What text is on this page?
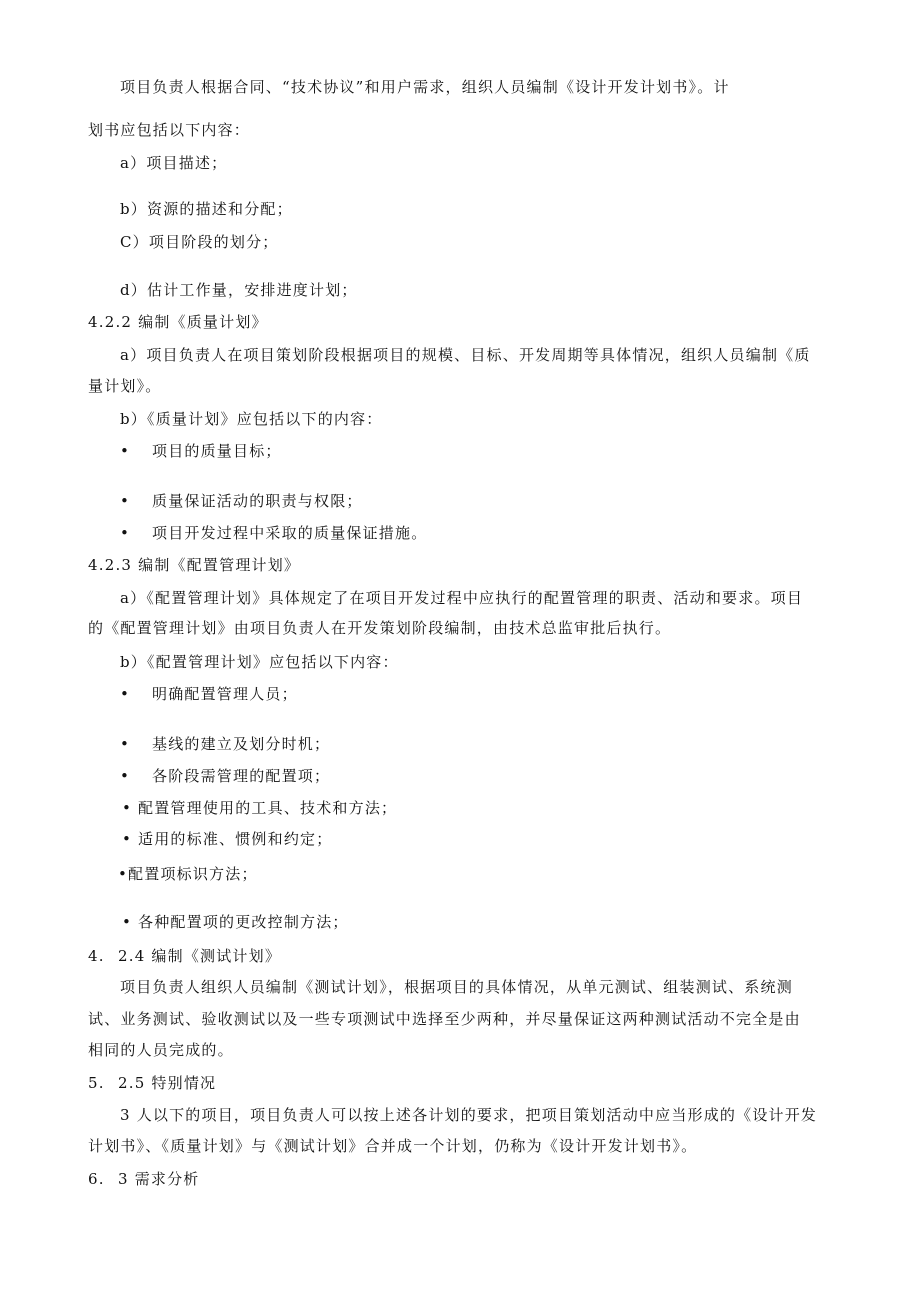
项目负责人根据合同、“技术协议”和用户需求，组织人员编制《设计开发计划书》。计
划书应包括以下内容：
a）项目描述；
b）资源的描述和分配；
C）项目阶段的划分；
d）估计工作量，安排进度计划；
4.2.2 编制《质量计划》
a）项目负责人在项目策划阶段根据项目的规模、目标、开发周期等具体情况，组织人员编制《质
量计划》。
b）《质量计划》应包括以下的内容：
• 项目的质量目标；
• 质量保证活动的职责与权限；
• 项目开发过程中采取的质量保证措施。
4.2.3 编制《配置管理计划》
a）《配置管理计划》具体规定了在项目开发过程中应执行的配置管理的职责、活动和要求。项目
的《配置管理计划》由项目负责人在开发策划阶段编制，由技术总监审批后执行。
b）《配置管理计划》应包括以下内容：
• 明确配置管理人员；
• 基线的建立及划分时机；
• 各阶段需管理的配置项；
• 配置管理使用的工具、技术和方法；
• 适用的标准、惯例和约定；
•配置项标识方法；
• 各种配置项的更改控制方法；
4. 2.4 编制《测试计划》
项目负责人组织人员编制《测试计划》，根据项目的具体情况，从单元测试、组装测试、系统测
试、业务测试、验收测试以及一些专项测试中选择至少两种，并尽量保证这两种测试活动不完全是由
相同的人员完成的。
5. 2.5 特别情况
3 人以下的项目，项目负责人可以按上述各计划的要求，把项目策划活动中应当形成的《设计开发
计划书》、《质量计划》与《测试计划》合并成一个计划，仍称为《设计开发计划书》。
6. 3 需求分析
